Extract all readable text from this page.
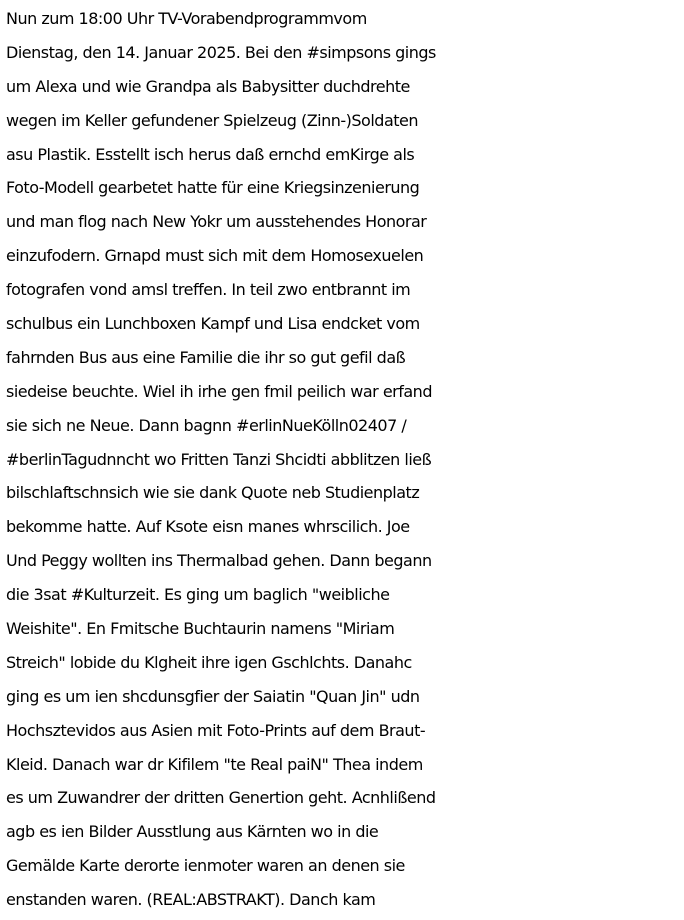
Nun zum 18:00 Uhr TV-Vorabendprogrammvom
Dienstag, den 14. Januar 2025. Bei den #simpsons gings
um Alexa und wie Grandpa als Babysitter duchdrehte
wegen im Keller gefundener Spielzeug (Zinn-)Soldaten
asu Plastik. Esstellt isch herus daß ernchd emKirge als
Foto-Modell gearbetet hatte für eine Kriegsinzenierung
und man flog nach New Yokr um ausstehendes Honorar
einzufodern. Grnapd must sich mit dem Homosexuelen
fotografen vond amsl treffen. In teil zwo entbrannt im
schulbus ein Lunchboxen Kampf und Lisa endcket vom
fahrnden Bus aus eine Familie die ihr so gut gefil daß
siedeise beuchte. Wiel ih irhe gen fmil peilich war erfand
sie sich ne Neue. Dann bagnn #erlinNueKölln02407 /
#berlinTagudnncht wo Fritten Tanzi Shcidti abblitzen ließ
bilschlaftschnsich wie sie dank Quote neb Studienplatz
bekomme hatte. Auf Ksote eisn manes whrscilich. Joe
Und Peggy wollten ins Thermalbad gehen. Dann begann
die 3sat #Kulturzeit. Es ging um baglich "weibliche
Weishite". En Fmitsche Buchtaurin namens "Miriam
Streich" lobide du Klgheit ihre igen Gschlchts. Danahc
ging es um ien shcdunsgfier der Saiatin "Quan Jin" udn
Hochsztevidos aus Asien mit Foto-Prints auf dem Braut-
Kleid. Danach war dr Kifilem "te Real paiN" Thea indem
es um Zuwandrer der dritten Genertion geht. Acnhlißend
agb es ien Bilder Ausstlung aus Kärnten wo in die
Gemälde Karte derorte ienmoter waren an denen sie
enstanden waren. (REAL:ABSTRAKT). Danch kam
